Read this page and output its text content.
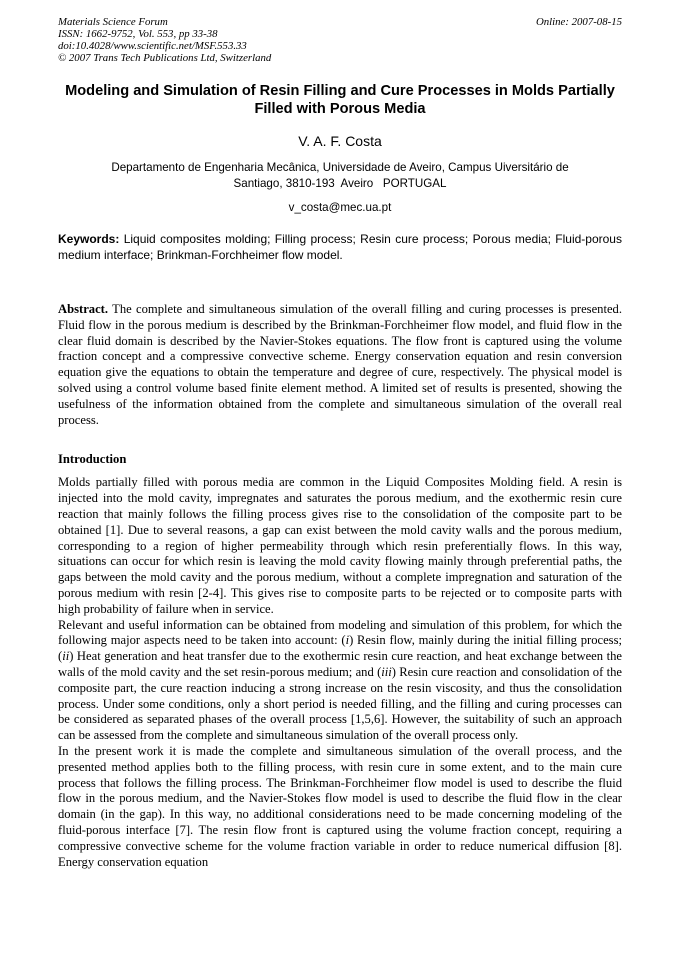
Materials Science Forum
ISSN: 1662-9752, Vol. 553, pp 33-38
doi:10.4028/www.scientific.net/MSF.553.33
© 2007 Trans Tech Publications Ltd, Switzerland
Online: 2007-08-15
Modeling and Simulation of Resin Filling and Cure Processes in Molds Partially Filled with Porous Media
V. A. F. Costa
Departamento de Engenharia Mecânica, Universidade de Aveiro, Campus Uiversitário de
Santiago, 3810-193  Aveiro   PORTUGAL
v_costa@mec.ua.pt

Keywords: Liquid composites molding; Filling process; Resin cure process; Porous media; Fluid-porous medium interface; Brinkman-Forchheimer flow model.

Abstract. The complete and simultaneous simulation of the overall filling and curing processes is presented. Fluid flow in the porous medium is described by the Brinkman-Forchheimer flow model, and fluid flow in the clear fluid domain is described by the Navier-Stokes equations. The flow front is captured using the volume fraction concept and a compressive convective scheme. Energy conservation equation and resin conversion equation give the equations to obtain the temperature and degree of cure, respectively. The physical model is solved using a control volume based finite element method. A limited set of results is presented, showing the usefulness of the information obtained from the complete and simultaneous simulation of the overall real process.

Introduction

Molds partially filled with porous media are common in the Liquid Composites Molding field. A resin is injected into the mold cavity, impregnates and saturates the porous medium, and the exothermic resin cure reaction that mainly follows the filling process gives rise to the consolidation of the composite part to be obtained [1]. Due to several reasons, a gap can exist between the mold cavity walls and the porous medium, corresponding to a region of higher permeability through which resin preferentially flows. In this way, situations can occur for which resin is leaving the mold cavity flowing mainly through preferential paths, the gaps between the mold cavity and the porous medium, without a complete impregnation and saturation of the porous medium with resin [2-4]. This gives rise to composite parts to be rejected or to composite parts with high probability of failure when in service.

Relevant and useful information can be obtained from modeling and simulation of this problem, for which the following major aspects need to be taken into account: (i) Resin flow, mainly during the initial filling process; (ii) Heat generation and heat transfer due to the exothermic resin cure reaction, and heat exchange between the walls of the mold cavity and the set resin-porous medium; and (iii) Resin cure reaction and consolidation of the composite part, the cure reaction inducing a strong increase on the resin viscosity, and thus the consolidation process. Under some conditions, only a short period is needed filling, and the filling and curing processes can be considered as separated phases of the overall process [1,5,6]. However, the suitability of such an approach can be assessed from the complete and simultaneous simulation of the overall process only.

In the present work it is made the complete and simultaneous simulation of the overall process, and the presented method applies both to the filling process, with resin cure in some extent, and to the main cure process that follows the filling process. The Brinkman-Forchheimer flow model is used to describe the fluid flow in the porous medium, and the Navier-Stokes flow model is used to describe the fluid flow in the clear domain (in the gap). In this way, no additional considerations need to be made concerning modeling of the fluid-porous interface [7]. The resin flow front is captured using the volume fraction concept, requiring a compressive convective scheme for the volume fraction variable in order to reduce numerical diffusion [8]. Energy conservation equation
